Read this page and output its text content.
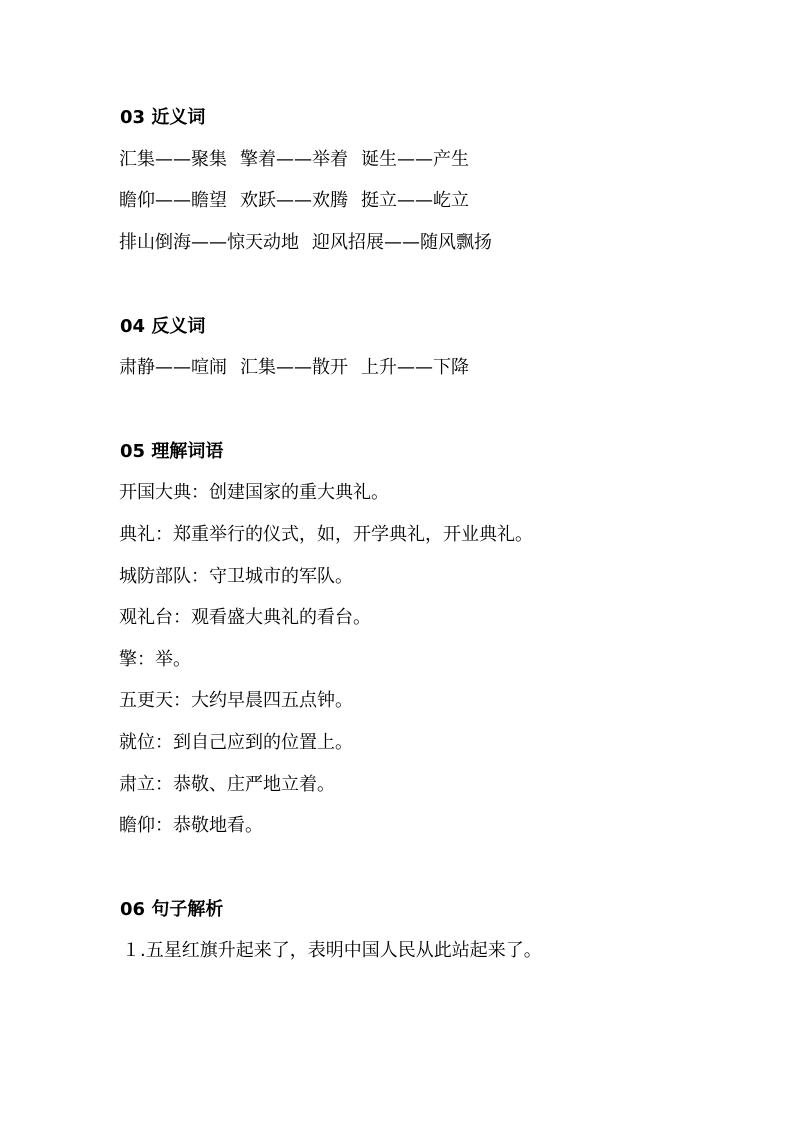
03 近义词
汇集——聚集 擎着——举着 诞生——产生
瞻仰——瞻望 欢跃——欢腾 挺立——屹立
排山倒海——惊天动地 迎风招展——随风飘扬
04 反义词
肃静——喧闹 汇集——散开 上升——下降
05 理解词语
开国大典：创建国家的重大典礼。
典礼：郑重举行的仪式，如，开学典礼，开业典礼。
城防部队：守卫城市的军队。
观礼台：观看盛大典礼的看台。
擎：举。
五更天：大约早晨四五点钟。
就位：到自己应到的位置上。
肃立：恭敬、庄严地立着。
瞻仰：恭敬地看。
06 句子解析
１.五星红旗升起来了，表明中国人民从此站起来了。
